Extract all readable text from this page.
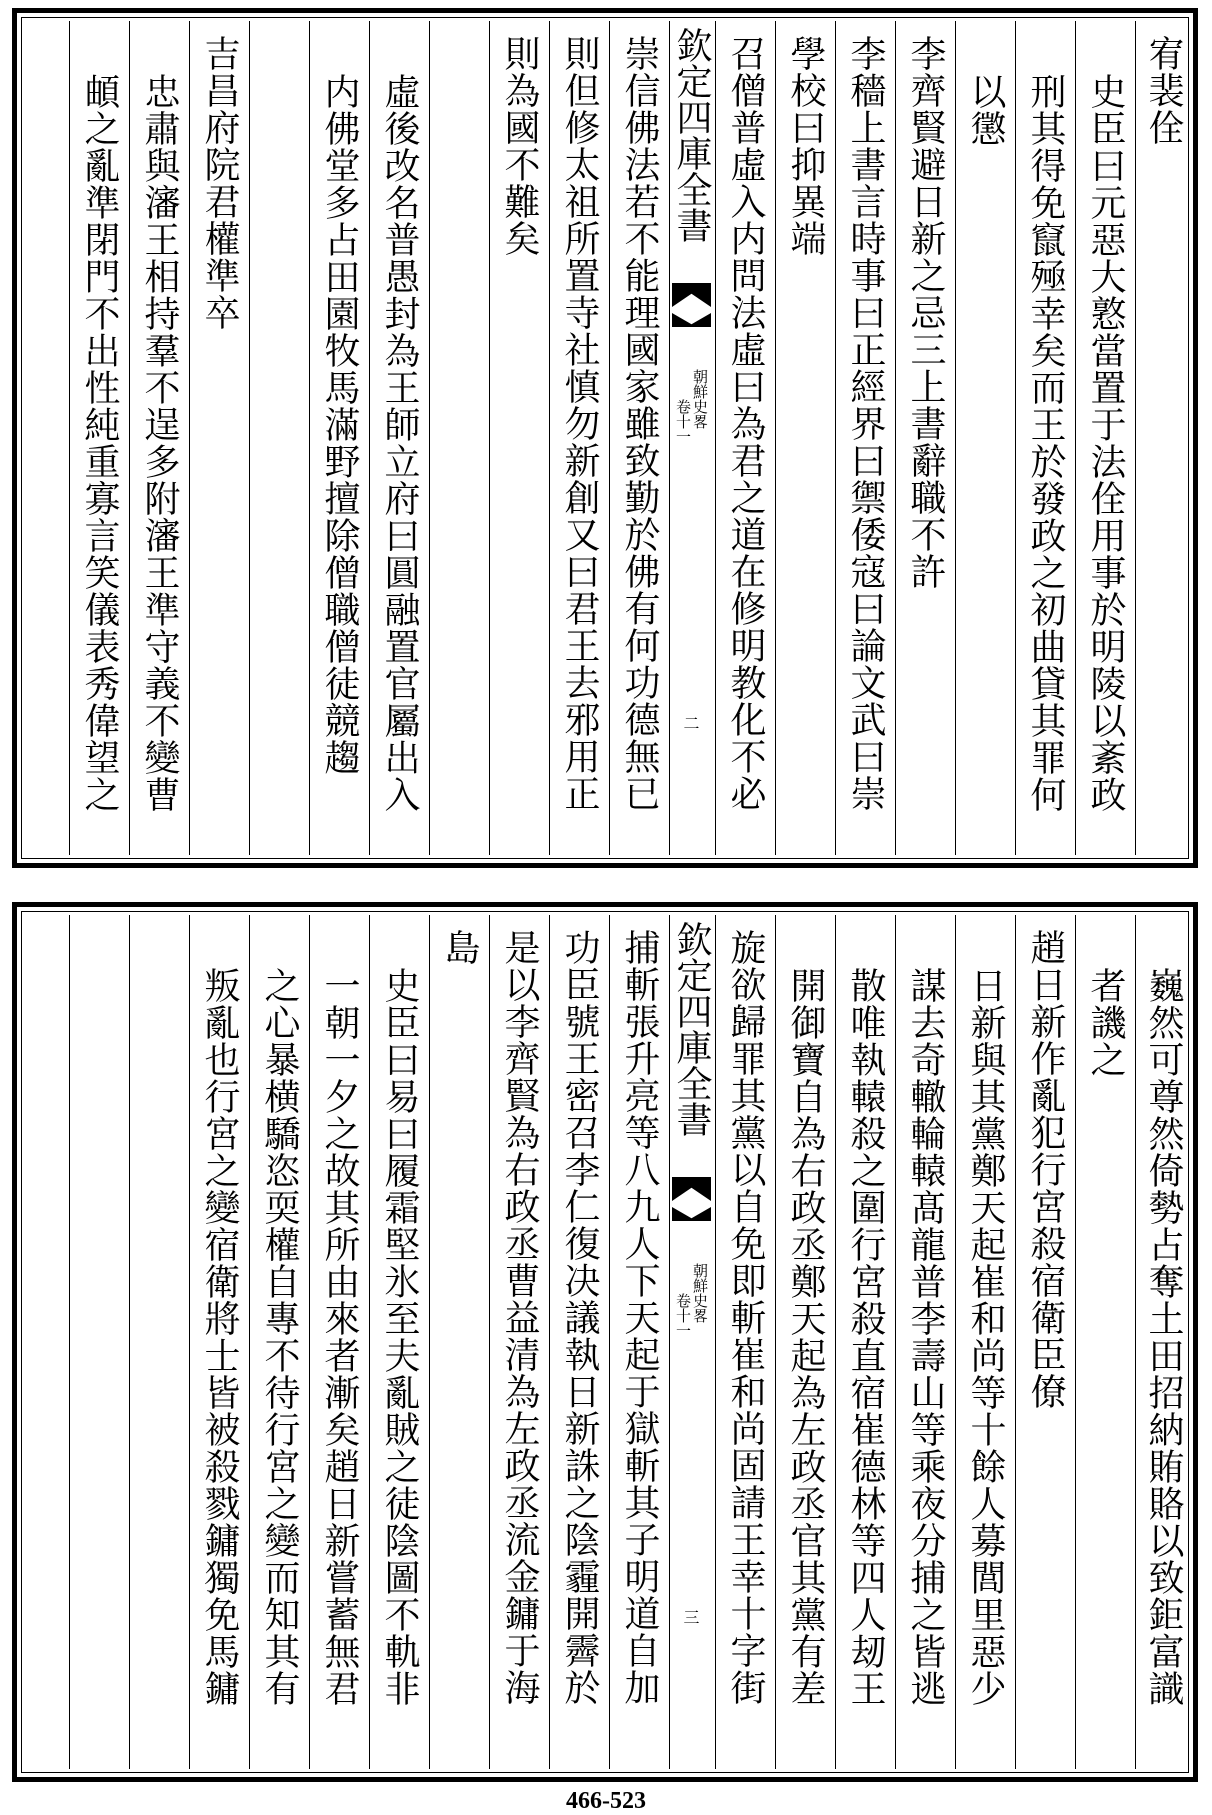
宥裴佺
史臣曰元惡大憝當置于法佺用事於明陵以紊政
刑其得免竄殛幸矣而王於發政之初曲貸其罪何
以懲
李齊賢避日新之忌三上書辭職不許
李穡上書言時事曰正經界曰禦倭寇曰論文武曰崇
學校曰抑異端
召僧普虛入内問法虛曰為君之道在修明教化不必
欽定四庫全書
朝鮮史畧
卷十一
二
崇信佛法若不能理國家雖致勤於佛有何功德無已
則但修太祖所置寺社慎勿新創又曰君王去邪用正
則為國不難矣
虛後改名普愚封為王師立府曰圓融置官屬出入
内佛堂多占田園牧馬滿野擅除僧職僧徒競趨
吉昌府院君權準卒
忠肅與瀋王相持羣不逞多附瀋王準守義不變曹
頔之亂準閉門不出性純重寡言笑儀表秀偉望之
巍然可尊然倚勢占奪土田招納賄賂以致鉅富識
者譏之
趙日新作亂犯行宮殺宿衛臣僚
日新與其黨鄭天起崔和尚等十餘人募閭里惡少
謀去奇轍輪轅髙龍普李壽山等乘夜分捕之皆逃
散唯執轅殺之圍行宮殺直宿崔德林等四人刼王
開御寶自為右政丞鄭天起為左政丞官其黨有差
旋欲歸罪其黨以自免即斬崔和尚固請王幸十字街
欽定四庫全書
朝鮮史畧
卷十一
三
捕斬張升亮等八九人下天起于獄斬其子明道自加
功臣號王密召李仁復决議執日新誅之陰霾開霽於
是以李齊賢為右政丞曹益清為左政丞流金鏞于海
島
史臣曰易曰履霜堅氷至夫亂賊之徒陰圖不軌非
一朝一夕之故其所由來者漸矣趙日新嘗蓄無君
之心暴横驕恣耎權自專不待行宮之變而知其有
叛亂也行宮之變宿衛將士皆被殺戮鏞獨免馬鏞
466-523
